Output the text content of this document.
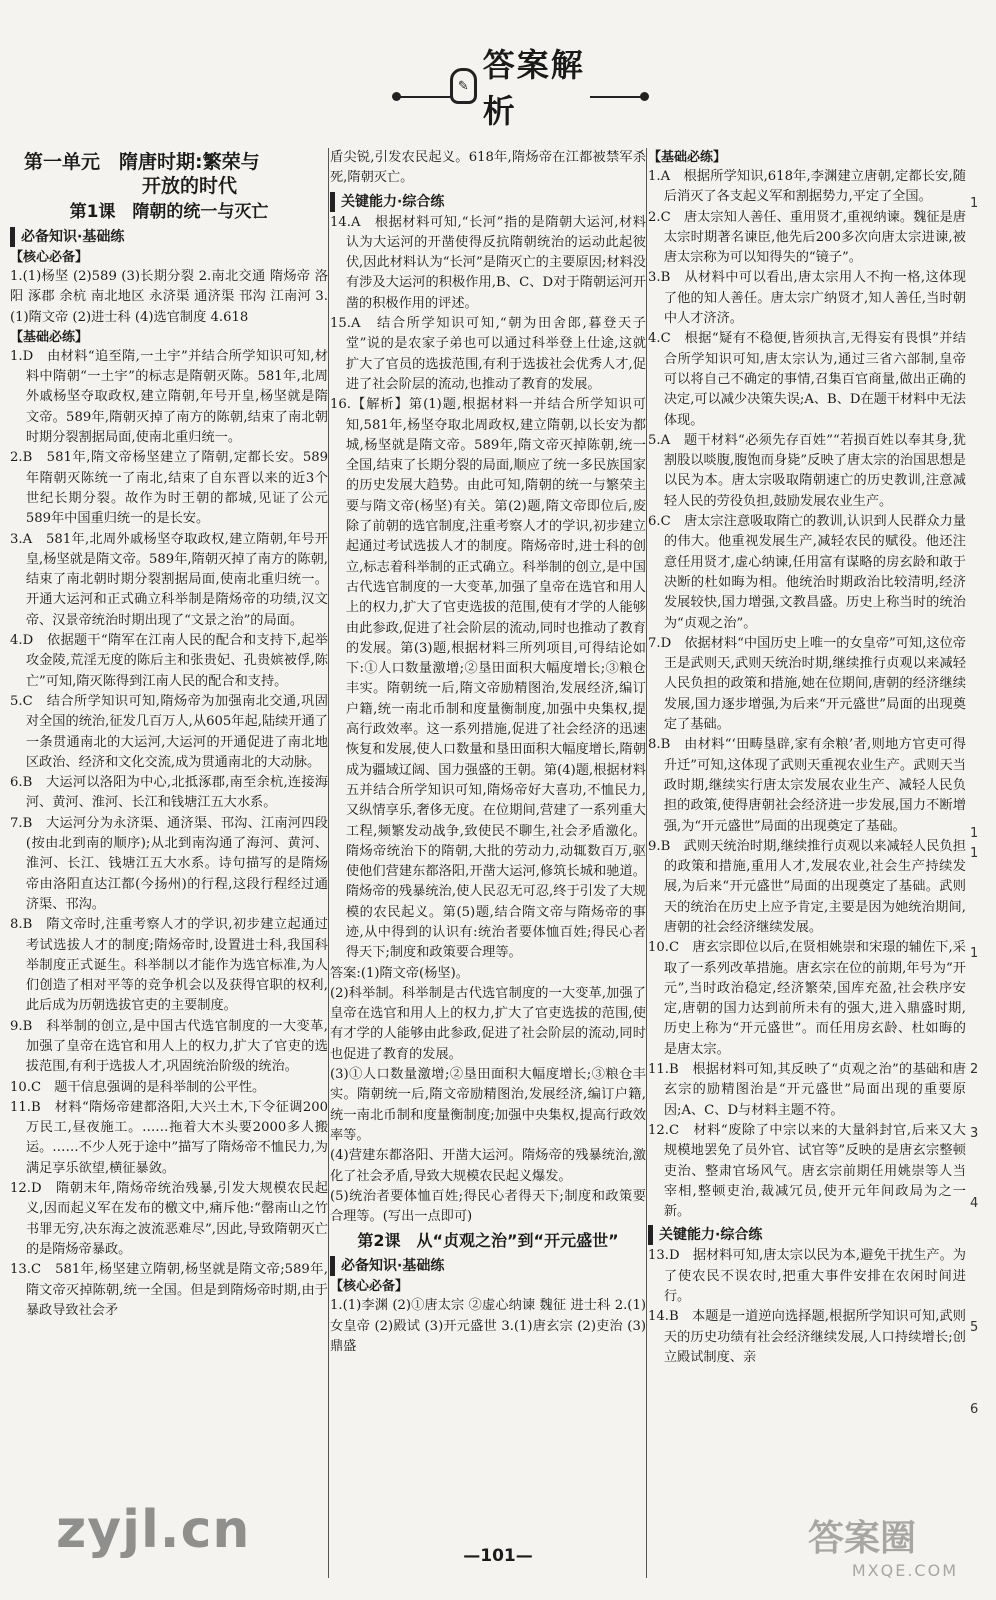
✎
答案解析
第一单元　隋唐时期:繁荣与
开放的时代
第1课　隋朝的统一与灭亡
必备知识·基础练
【核心必备】

1.(1)杨坚 (2)589 (3)长期分裂 2.南北交通 隋炀帝 洛阳 涿郡 余杭 南北地区 永济渠 通济渠 邗沟 江南河 3.(1)隋文帝 (2)进士科 (4)选官制度 4.618

【基础必练】

1.D　由材料“追至隋,一土宇”并结合所学知识可知,材料中隋朝“一土宇”的标志是隋朝灭陈。581年,北周外戚杨坚夺取政权,建立隋朝,年号开皇,杨坚就是隋文帝。589年,隋朝灭掉了南方的陈朝,结束了南北朝时期分裂割据局面,使南北重归统一。

2.B　581年,隋文帝杨坚建立了隋朝,定都长安。589年隋朝灭陈统一了南北,结束了自东晋以来的近3个世纪长期分裂。故作为时王朝的都城,见证了公元589年中国重归统一的是长安。

3.A　581年,北周外戚杨坚夺取政权,建立隋朝,年号开皇,杨坚就是隋文帝。589年,隋朝灭掉了南方的陈朝,结束了南北朝时期分裂割据局面,使南北重归统一。开通大运河和正式确立科举制是隋炀帝的功绩,汉文帝、汉景帝统治时期出现了“文景之治”的局面。

4.D　依据题干“隋军在江南人民的配合和支持下,起举攻金陵,荒淫无度的陈后主和张贵妃、孔贵嫔被俘,陈亡”可知,隋灭陈得到江南人民的配合和支持。

5.C　结合所学知识可知,隋炀帝为加强南北交通,巩固对全国的统治,征发几百万人,从605年起,陆续开通了一条贯通南北的大运河,大运河的开通促进了南北地区政治、经济和文化交流,成为贯通南北的大动脉。

6.B　大运河以洛阳为中心,北抵涿郡,南至余杭,连接海河、黄河、淮河、长江和钱塘江五大水系。

7.B　大运河分为永济渠、通济渠、邗沟、江南河四段(按由北到南的顺序);从北到南沟通了海河、黄河、淮河、长江、钱塘江五大水系。诗句描写的是隋炀帝由洛阳直达江都(今扬州)的行程,这段行程经过通济渠、邗沟。

8.B　隋文帝时,注重考察人才的学识,初步建立起通过考试选拔人才的制度;隋炀帝时,设置进士科,我国科举制度正式诞生。科举制以才能作为选官标准,为人们创造了相对平等的竞争机会以及获得官职的权利,此后成为历朝选拔官吏的主要制度。

9.B　科举制的创立,是中国古代选官制度的一大变革,加强了皇帝在选官和用人上的权力,扩大了官吏的选拔范围,有利于选拔人才,巩固统治阶级的统治。

10.C　题干信息强调的是科举制的公平性。

11.B　材料“隋炀帝建都洛阳,大兴土木,下令征调200万民工,昼夜施工。……拖着大木头要2000多人搬运。……不少人死于途中”描写了隋炀帝不恤民力,为满足享乐欲望,横征暴敛。

12.D　隋朝末年,隋炀帝统治残暴,引发大规模农民起义,因而起义军在发布的檄文中,痛斥他:“罄南山之竹书罪无穷,决东海之波流恶难尽”,因此,导致隋朝灭亡的是隋炀帝暴政。

13.C　581年,杨坚建立隋朝,杨坚就是隋文帝;589年,隋文帝灭掉陈朝,统一全国。但是到隋炀帝时期,由于暴政导致社会矛

盾尖锐,引发农民起义。618年,隋炀帝在江都被禁军杀死,隋朝灭亡。

关键能力·综合练

14.A　根据材料可知,“长河”指的是隋朝大运河,材料认为大运河的开凿使得反抗隋朝统治的运动此起彼伏,因此材料认为“长河”是隋灭亡的主要原因;材料没有涉及大运河的积极作用,B、C、D对于隋朝运河开凿的积极作用的评述。

15.A　结合所学知识可知,“朝为田舍郎,暮登天子堂”说的是农家子弟也可以通过科举登上仕途,这就扩大了官员的选拔范围,有利于选拔社会优秀人才,促进了社会阶层的流动,也推动了教育的发展。

16.【解析】第(1)题,根据材料一并结合所学知识可知,581年,杨坚夺取北周政权,建立隋朝,以长安为都城,杨坚就是隋文帝。589年,隋文帝灭掉陈朝,统一全国,结束了长期分裂的局面,顺应了统一多民族国家的历史发展大趋势。由此可知,隋朝的统一与繁荣主要与隋文帝(杨坚)有关。第(2)题,隋文帝即位后,废除了前朝的选官制度,注重考察人才的学识,初步建立起通过考试选拔人才的制度。隋炀帝时,进士科的创立,标志着科举制的正式确立。科举制的创立,是中国古代选官制度的一大变革,加强了皇帝在选官和用人上的权力,扩大了官吏选拔的范围,使有才学的人能够由此参政,促进了社会阶层的流动,同时也推动了教育的发展。第(3)题,根据材料三所列项目,可得结论如下:①人口数量激增;②垦田面积大幅度增长;③粮仓丰实。隋朝统一后,隋文帝励精图治,发展经济,编订户籍,统一南北币制和度量衡制度,加强中央集权,提高行政效率。这一系列措施,促进了社会经济的迅速恢复和发展,使人口数量和垦田面积大幅度增长,隋朝成为疆域辽阔、国力强盛的王朝。第(4)题,根据材料五并结合所学知识可知,隋炀帝好大喜功,不恤民力,又纵情享乐,奢侈无度。在位期间,营建了一系列重大工程,频繁发动战争,致使民不聊生,社会矛盾激化。隋炀帝统治下的隋朝,大批的劳动力,动辄数百万,驱使他们营建东都洛阳,开凿大运河,修筑长城和驰道。隋炀帝的残暴统治,使人民忍无可忍,终于引发了大规模的农民起义。第(5)题,结合隋文帝与隋炀帝的事迹,从中得到的认识有:统治者要体恤百姓;得民心者得天下;制度和政策要合理等。

答案:(1)隋文帝(杨坚)。

(2)科举制。科举制是古代选官制度的一大变革,加强了皇帝在选官和用人上的权力,扩大了官吏选拔的范围,使有才学的人能够由此参政,促进了社会阶层的流动,同时也促进了教育的发展。

(3)①人口数量激增;②垦田面积大幅度增长;③粮仓丰实。隋朝统一后,隋文帝励精图治,发展经济,编订户籍,统一南北币制和度量衡制度;加强中央集权,提高行政效率等。

(4)营建东都洛阳、开凿大运河。隋炀帝的残暴统治,激化了社会矛盾,导致大规模农民起义爆发。

(5)统治者要体恤百姓;得民心者得天下;制度和政策要合理等。(写出一点即可)

第2课　从“贞观之治”到“开元盛世”
必备知识·基础练
【核心必备】

1.(1)李渊 (2)①唐太宗 ②虚心纳谏 魏征 进士科 2.(1)女皇帝 (2)殿试 (3)开元盛世 3.(1)唐玄宗 (2)吏治 (3)鼎盛

【基础必练】

1.A　根据所学知识,618年,李渊建立唐朝,定都长安,随后消灭了各支起义军和割据势力,平定了全国。

2.C　唐太宗知人善任、重用贤才,重视纳谏。魏征是唐太宗时期著名谏臣,他先后200多次向唐太宗进谏,被唐太宗称为可以知得失的“镜子”。

3.B　从材料中可以看出,唐太宗用人不拘一格,这体现了他的知人善任。唐太宗广纳贤才,知人善任,当时朝中人才济济。

4.C　根据“疑有不稳便,皆须执言,无得妄有畏惧”并结合所学知识可知,唐太宗认为,通过三省六部制,皇帝可以将自己不确定的事情,召集百官商量,做出正确的决定,可以减少决策失误;A、B、D在题干材料中无法体现。

5.A　题干材料“必须先存百姓”“若损百姓以奉其身,犹割股以啖腹,腹饱而身毙”反映了唐太宗的治国思想是以民为本。唐太宗吸取隋朝速亡的历史教训,注意减轻人民的劳役负担,鼓励发展农业生产。

6.C　唐太宗注意吸取隋亡的教训,认识到人民群众力量的伟大。他重视发展生产,减轻农民的赋役。他还注意任用贤才,虚心纳谏,任用富有谋略的房玄龄和敢于决断的杜如晦为相。他统治时期政治比较清明,经济发展较快,国力增强,文教昌盛。历史上称当时的统治为“贞观之治”。

7.D　依据材料“中国历史上唯一的女皇帝”可知,这位帝王是武则天,武则天统治时期,继续推行贞观以来减轻人民负担的政策和措施,她在位期间,唐朝的经济继续发展,国力逐步增强,为后来“开元盛世”局面的出现奠定了基础。

8.B　由材料“‘田畴垦辟,家有余粮’者,则地方官吏可得升迁”可知,这体现了武则天重视农业生产。武则天当政时期,继续实行唐太宗发展农业生产、减轻人民负担的政策,使得唐朝社会经济进一步发展,国力不断增强,为“开元盛世”局面的出现奠定了基础。

9.B　武则天统治时期,继续推行贞观以来减轻人民负担的政策和措施,重用人才,发展农业,社会生产持续发展,为后来“开元盛世”局面的出现奠定了基础。武则天的统治在历史上应予肯定,主要是因为她统治期间,唐朝的社会经济继续发展。

10.C　唐玄宗即位以后,在贤相姚崇和宋璟的辅佐下,采取了一系列改革措施。唐玄宗在位的前期,年号为“开元”,当时政治稳定,经济繁荣,国库充盈,社会秩序安定,唐朝的国力达到前所未有的强大,进入鼎盛时期,历史上称为“开元盛世”。而任用房玄龄、杜如晦的是唐太宗。

11.B　根据材料可知,其反映了“贞观之治”的基础和唐玄宗的励精图治是“开元盛世”局面出现的重要原因;A、C、D与材料主题不符。

12.C　材料“废除了中宗以来的大量斜封官,后来又大规模地罢免了员外官、试官等”反映的是唐玄宗整顿吏治、整肃官场风气。唐玄宗前期任用姚崇等人当宰相,整顿吏治,裁减冗员,使开元年间政局为之一新。

关键能力·综合练

13.D　据材料可知,唐太宗以民为本,避免干扰生产。为了使农民不误农时,把重大事件安排在农闲时间进行。

14.B　本题是一道逆向选择题,根据所学知识可知,武则天的历史功绩有社会经济继续发展,人口持续增长;创立殿试制度、亲

1
1
1
1
2
3
4
5
6
zyjl.cn	答案圈
MXQE.COM
—101—
